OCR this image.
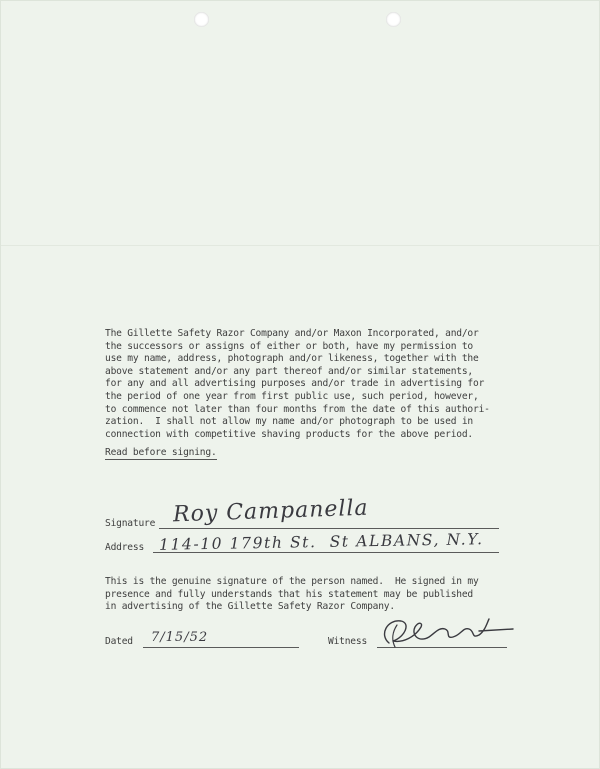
The Gillette Safety Razor Company and/or Maxon Incorporated, and/or
the successors or assigns of either or both, have my permission to
use my name, address, photograph and/or likeness, together with the
above statement and/or any part thereof and/or similar statements,
for any and all advertising purposes and/or trade in advertising for
the period of one year from first public use, such period, however,
to commence not later than four months from the date of this authori-
zation.  I shall not allow my name and/or photograph to be used in
connection with competitive shaving products for the above period.
Read before signing.
Signature Roy Campanella
Address 114-10 179th St.  St ALBANS, N.Y.
This is the genuine signature of the person named.  He signed in my
presence and fully understands that his statement may be published
in advertising of the Gillette Safety Razor Company.
Dated 7/15/52	Witness
